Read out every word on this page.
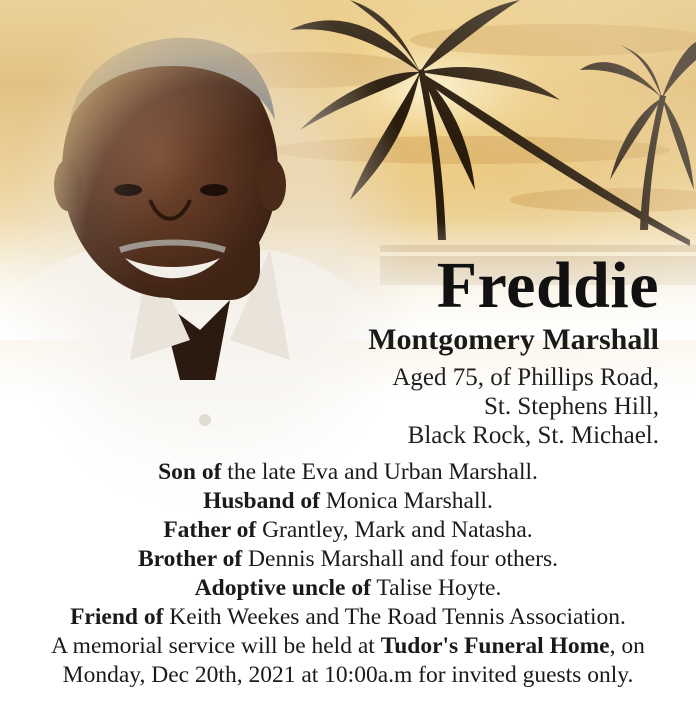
Freddie
Montgomery Marshall
Aged 75, of Phillips Road,
St. Stephens Hill,
Black Rock, St. Michael.
Son of the late Eva and Urban Marshall.
Husband of Monica Marshall.
Father of Grantley, Mark and Natasha.
Brother of Dennis Marshall and four others.
Adoptive uncle of Talise Hoyte.
Friend of Keith Weekes and The Road Tennis Association.
A memorial service will be held at Tudor's Funeral Home, on
Monday, Dec 20th, 2021 at 10:00a.m for invited guests only.
